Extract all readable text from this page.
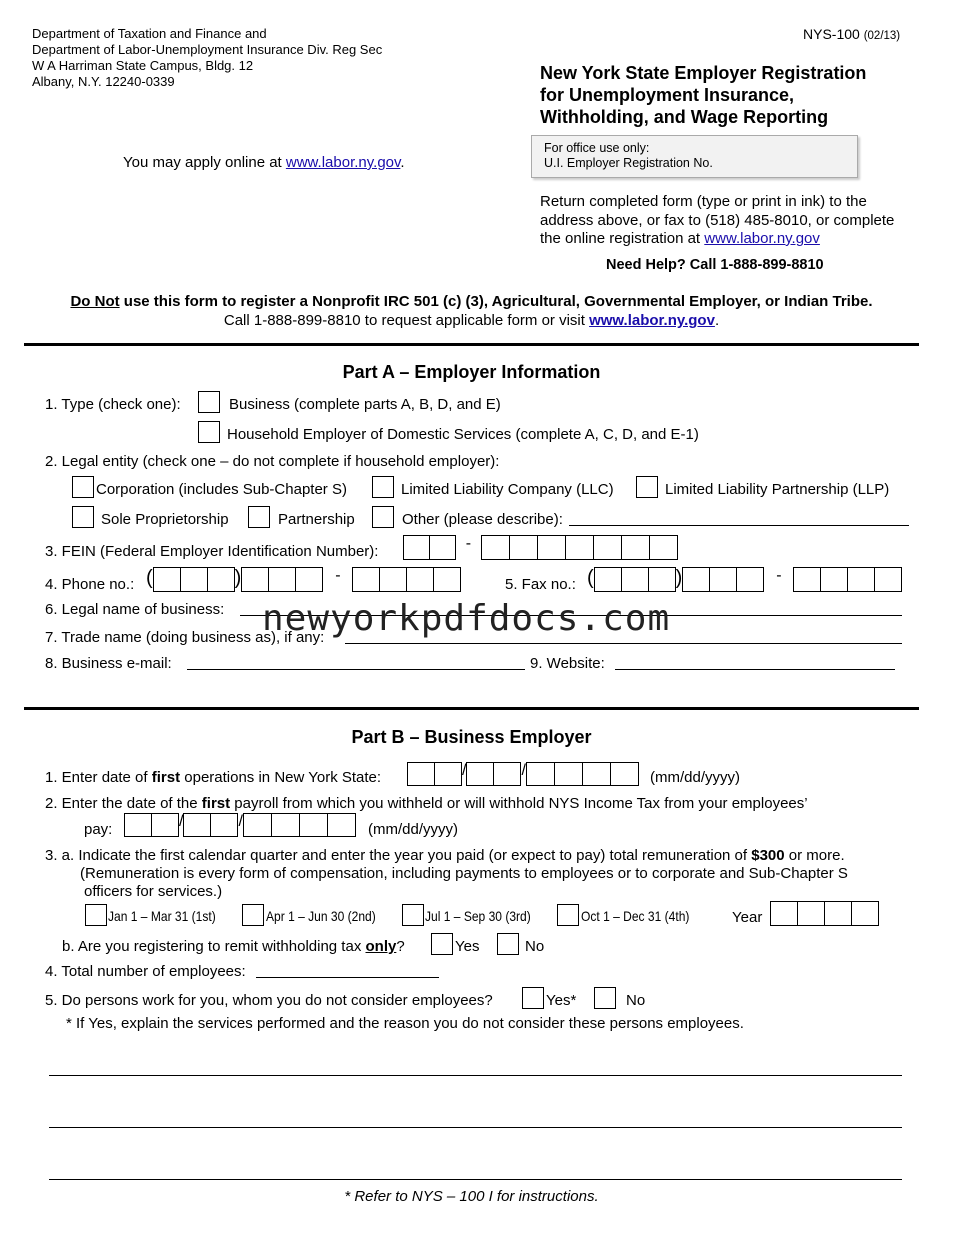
Department of Taxation and Finance and
Department of Labor-Unemployment Insurance Div. Reg Sec
W A Harriman State Campus, Bldg. 12
Albany, N.Y. 12240-0339
NYS-100 (02/13)
New York State Employer Registration
for Unemployment Insurance,
Withholding, and Wage Reporting
You may apply online at www.labor.ny.gov.
For office use only:
U.I. Employer Registration No.
Return completed form (type or print in ink) to the
address above, or fax to (518) 485-8010, or complete
the online registration at www.labor.ny.gov
Need Help? Call 1-888-899-8810
Do Not use this form to register a Nonprofit IRC 501 (c) (3), Agricultural, Governmental Employer, or Indian Tribe.
Call 1-888-899-8810 to request applicable form or visit www.labor.ny.gov.
Part A – Employer Information
1. Type (check one):	Business (complete parts A, B, D, and E)
Household Employer of Domestic Services (complete A, C, D, and E-1)
2. Legal entity (check one – do not complete if household employer):
Corporation (includes Sub-Chapter S)	Limited Liability Company (LLC)	Limited Liability Partnership (LLP)
Sole Proprietorship	Partnership	Other (please describe):
3. FEIN (Federal Employer Identification Number):	-
4. Phone no.: (	)	-
5. Fax no.: (	)	-
6. Legal name of business:
7. Trade name (doing business as), if any:
newyorkpdfdocs.com
8. Business e-mail:	9. Website:
Part B – Business Employer
1. Enter date of first operations in New York State:	/	/	(mm/dd/yyyy)
2. Enter the date of the first payroll from which you withheld or will withhold NYS Income Tax from your employees’
pay:	/	/	(mm/dd/yyyy)
3. a. Indicate the first calendar quarter and enter the year you paid (or expect to pay) total remuneration of $300 or more.
(Remuneration is every form of compensation, including payments to employees or to corporate and Sub-Chapter S
officers for services.)
Jan 1 – Mar 31 (1st)	Apr 1 – Jun 30 (2nd)	Jul 1 – Sep 30 (3rd)	Oct 1 – Dec 31 (4th)	Year
b. Are you registering to remit withholding tax only?	Yes	No
4. Total number of employees:
5. Do persons work for you, whom you do not consider employees?	Yes*	No
* If Yes, explain the services performed and the reason you do not consider these persons employees.
* Refer to NYS – 100 I for instructions.
